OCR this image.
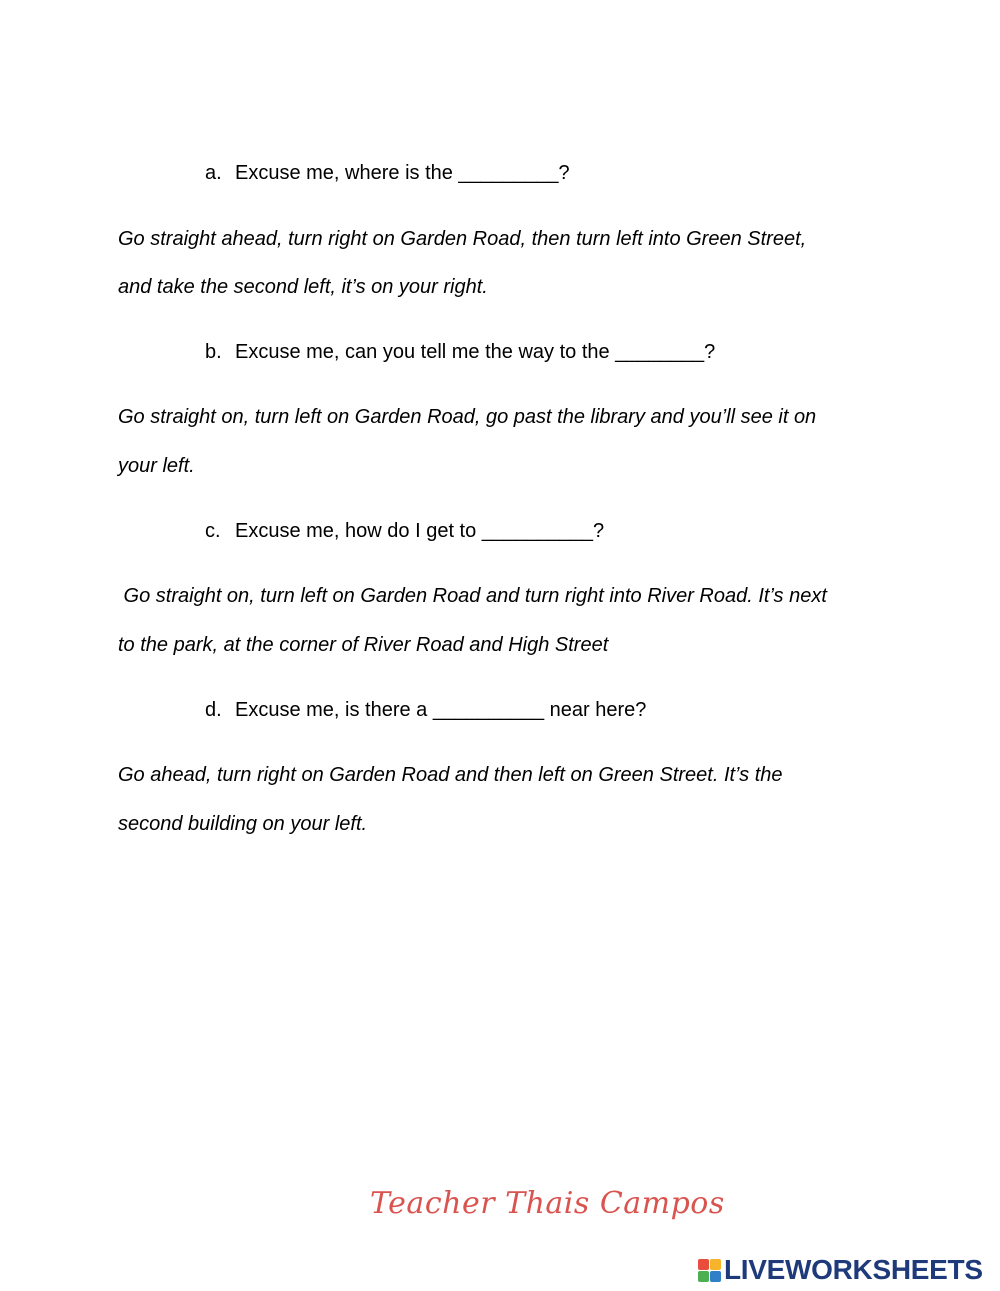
a. Excuse me, where is the _________?
Go straight ahead, turn right on Garden Road, then turn left into Green Street,
and take the second left, it’s on your right.
b. Excuse me, can you tell me the way to the ________?
Go straight on, turn left on Garden Road, go past the library and you’ll see it on
your left.
c. Excuse me, how do I get to __________?
Go straight on, turn left on Garden Road and turn right into River Road. It’s next
to the park, at the corner of River Road and High Street
d. Excuse me, is there a __________ near here?
Go ahead, turn right on Garden Road and then left on Green Street. It’s the
second building on your left.
Teacher Thais Campos
LIVEWORKSHEETS
